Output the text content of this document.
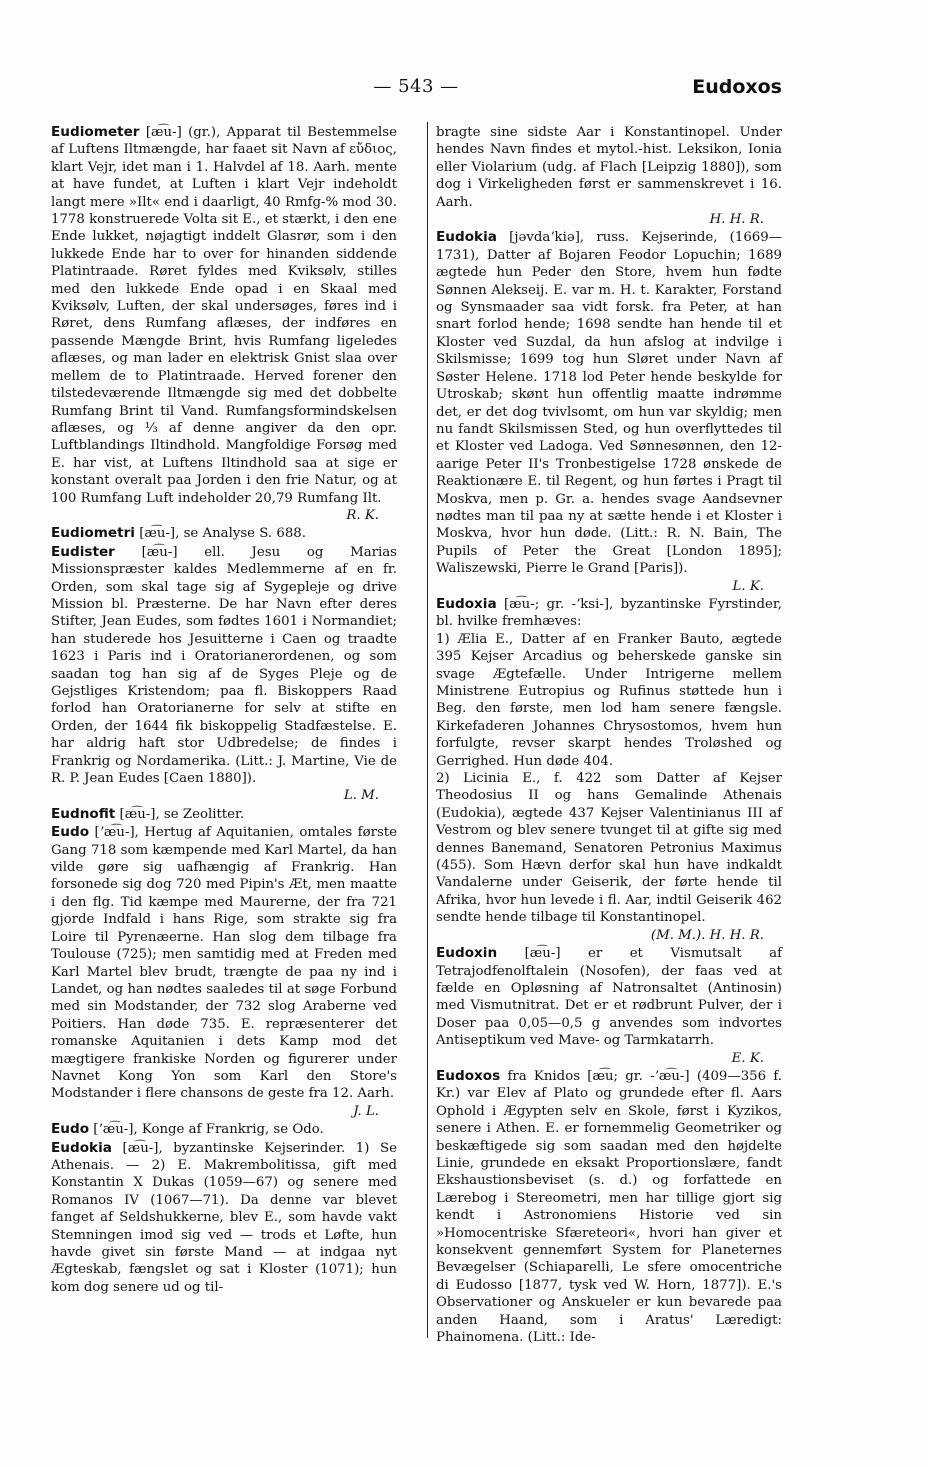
— 543 —	Eudoxos

Eudiometer [æ͡u-] (gr.), Apparat til Bestemmelse af Luftens Iltmængde, har faaet sit Navn af εὔδιος, klart Vejr, idet man i 1. Halvdel af 18. Aarh. mente at have fundet, at Luften i klart Vejr indeholdt langt mere »Ilt« end i daarligt, 40 Rmfg-% mod 30. 1778 konstruerede Volta sit E., et stærkt, i den ene Ende lukket, nøjagtigt inddelt Glasrør, som i den lukkede Ende har to over for hinanden siddende Platintraade. Røret fyldes med Kviksølv, stilles med den lukkede Ende opad i en Skaal med Kviksølv, Luften, der skal undersøges, føres ind i Røret, dens Rumfang aflæses, der indføres en passende Mængde Brint, hvis Rumfang ligeledes aflæses, og man lader en elektrisk Gnist slaa over mellem de to Platintraade. Herved forener den tilstedeværende Iltmængde sig med det dobbelte Rumfang Brint til Vand. Rumfangsformindskelsen aflæses, og ⅓ af denne angiver da den opr. Luftblandings Iltindhold. Mangfoldige Forsøg med E. har vist, at Luftens Iltindhold saa at sige er konstant overalt paa Jorden i den frie Natur, og at 100 Rumfang Luft indeholder 20,79 Rumfang Ilt.

R. K.

Eudiometri [æ͡u-], se Analyse S. 688.

Eudister [æ͡u-] ell. Jesu og Marias Missionspræster kaldes Medlemmerne af en fr. Orden, som skal tage sig af Sygepleje og drive Mission bl. Præsterne. De har Navn efter deres Stifter, Jean Eudes, som fødtes 1601 i Normandiet; han studerede hos Jesuitterne i Caen og traadte 1623 i Paris ind i Oratorianerordenen, og som saadan tog han sig af de Syges Pleje og de Gejstliges Kristendom; paa fl. Biskoppers Raad forlod han Oratorianerne for selv at stifte en Orden, der 1644 fik biskoppelig Stadfæstelse. E. har aldrig haft stor Udbredelse; de findes i Frankrig og Nordamerika. (Litt.: J. Martine, Vie de R. P. Jean Eudes [Caen 1880]).

L. M.

Eudnofit [æ͡u-], se Zeolitter.

Eudo [ʼæ͡u-], Hertug af Aquitanien, omtales første Gang 718 som kæmpende med Karl Martel, da han vilde gøre sig uafhængig af Frankrig. Han forsonede sig dog 720 med Pipin's Æt, men maatte i den flg. Tid kæmpe med Maurerne, der fra 721 gjorde Indfald i hans Rige, som strakte sig fra Loire til Pyrenæerne. Han slog dem tilbage fra Toulouse (725); men samtidig med at Freden med Karl Martel blev brudt, trængte de paa ny ind i Landet, og han nødtes saaledes til at søge Forbund med sin Modstander, der 732 slog Araberne ved Poitiers. Han døde 735. E. repræsenterer det romanske Aquitanien i dets Kamp mod det mægtigere frankiske Norden og figurerer under Navnet Kong Yon som Karl den Store's Modstander i flere chansons de geste fra 12. Aarh.

J. L.

Eudo [ʼæ͡u-], Konge af Frankrig, se Odo.

Eudokia [æ͡u-], byzantinske Kejserinder. 1) Se Athenais. — 2) E. Makrembolitissa, gift med Konstantin X Dukas (1059—67) og senere med Romanos IV (1067—71). Da denne var blevet fanget af Seldshukkerne, blev E., som havde vakt Stemningen imod sig ved — trods et Løfte, hun havde givet sin første Mand — at indgaa nyt Ægteskab, fængslet og sat i Kloster (1071); hun kom dog senere ud og til-

bragte sine sidste Aar i Konstantinopel. Under hendes Navn findes et mytol.-hist. Leksikon, Ionia eller Violarium (udg. af Flach [Leipzig 1880]), som dog i Virkeligheden først er sammenskrevet i 16. Aarh.

H. H. R.

Eudokia [jəvdaʼkiə], russ. Kejserinde, (1669—1731), Datter af Bojaren Feodor Lopuchin; 1689 ægtede hun Peder den Store, hvem hun fødte Sønnen Alekseij. E. var m. H. t. Karakter, Forstand og Synsmaader saa vidt forsk. fra Peter, at han snart forlod hende; 1698 sendte han hende til et Kloster ved Suzdal, da hun afslog at indvilge i Skilsmisse; 1699 tog hun Sløret under Navn af Søster Helene. 1718 lod Peter hende beskylde for Utroskab; skønt hun offentlig maatte indrømme det, er det dog tvivlsomt, om hun var skyldig; men nu fandt Skilsmissen Sted, og hun overflyttedes til et Kloster ved Ladoga. Ved Sønnesønnen, den 12-aarige Peter II's Tronbestigelse 1728 ønskede de Reaktionære E. til Regent, og hun førtes i Pragt til Moskva, men p. Gr. a. hendes svage Aandsevner nødtes man til paa ny at sætte hende i et Kloster i Moskva, hvor hun døde. (Litt.: R. N. Bain, The Pupils of Peter the Great [London 1895]; Waliszewski, Pierre le Grand [Paris]).

L. K.

Eudoxia [æ͡u-; gr. -ʼksi-], byzantinske Fyrstinder, bl. hvilke fremhæves:

1) Ælia E., Datter af en Franker Bauto, ægtede 395 Kejser Arcadius og beherskede ganske sin svage Ægtefælle. Under Intrigerne mellem Ministrene Eutropius og Rufinus støttede hun i Beg. den første, men lod ham senere fængsle. Kirkefaderen Johannes Chrysostomos, hvem hun forfulgte, revser skarpt hendes Troløshed og Gerrighed. Hun døde 404.

2) Licinia E., f. 422 som Datter af Kejser Theodosius II og hans Gemalinde Athenais (Eudokia), ægtede 437 Kejser Valentinianus III af Vestrom og blev senere tvunget til at gifte sig med dennes Banemand, Senatoren Petronius Maximus (455). Som Hævn derfor skal hun have indkaldt Vandalerne under Geiserik, der førte hende til Afrika, hvor hun levede i fl. Aar, indtil Geiserik 462 sendte hende tilbage til Konstantinopel.

(M. M.). H. H. R.

Eudoxin [æ͡u-] er et Vismutsalt af Tetrajodfenolftalein (Nosofen), der faas ved at fælde en Opløsning af Natronsaltet (Antinosin) med Vismutnitrat. Det er et rødbrunt Pulver, der i Doser paa 0,05—0,5 g anvendes som indvortes Antiseptikum ved Mave- og Tarmkatarrh.

E. K.

Eudoxos fra Knidos [æ͡u; gr. -ʼæ͡u-] (409—356 f. Kr.) var Elev af Plato og grundede efter fl. Aars Ophold i Ægypten selv en Skole, først i Kyzikos, senere i Athen. E. er fornemmelig Geometriker og beskæftigede sig som saadan med den højdelte Linie, grundede en eksakt Proportionslære, fandt Ekshaustionsbeviset (s. d.) og forfattede en Lærebog i Stereometri, men har tillige gjort sig kendt i Astronomiens Historie ved sin »Homocentriske Sfæreteori«, hvori han giver et konsekvent gennemført System for Planeternes Bevægelser (Schiaparelli, Le sfere omocentriche di Eudosso [1877, tysk ved W. Horn, 1877]). E.'s Observationer og Anskueler er kun bevarede paa anden Haand, som i Aratus' Læredigt: Phainomena. (Litt.: Ide-
